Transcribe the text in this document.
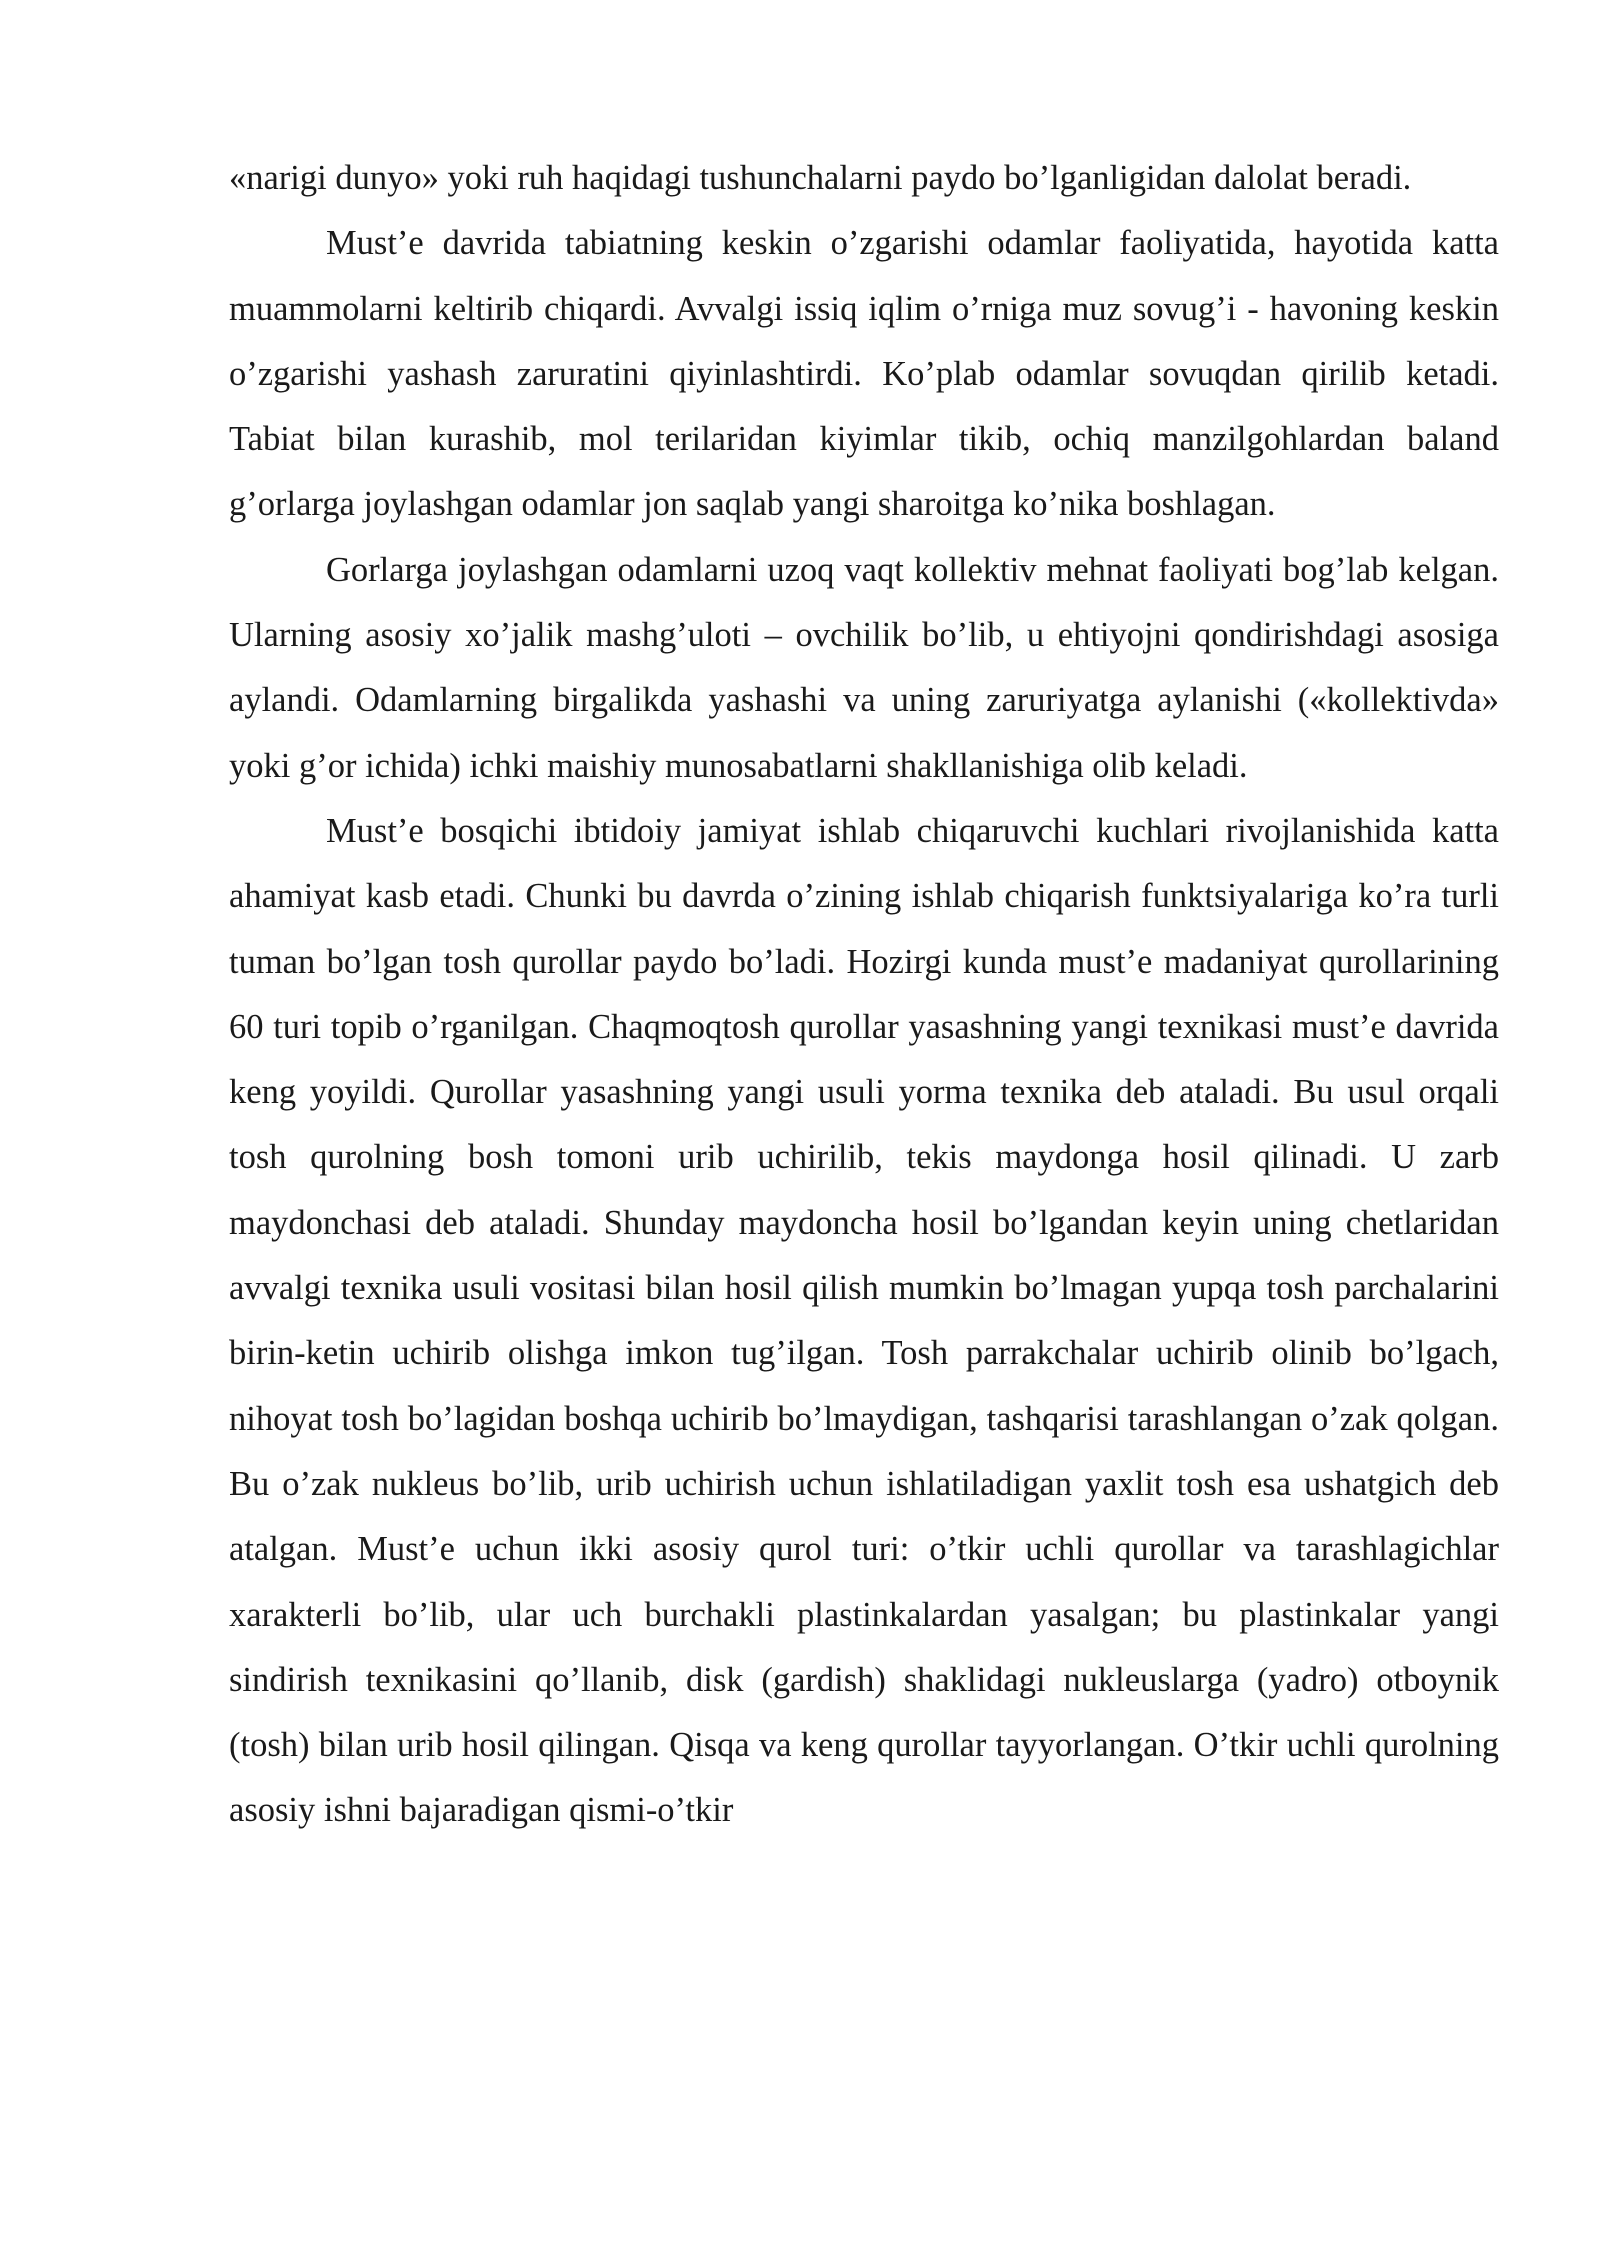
«narigi dunyo» yoki ruh haqidagi tushunchalarni paydo bo’lganligidan dalolat beradi.

Must’e davrida tabiatning keskin o’zgarishi odamlar faoliyatida, hayotida katta muammolarni keltirib chiqardi. Avvalgi issiq iqlim o’rniga muz sovug’i - havoning keskin o’zgarishi yashash zaruratini qiyinlashtirdi. Ko’plab odamlar sovuqdan qirilib ketadi. Tabiat bilan kurashib, mol terilaridan kiyimlar tikib, ochiq manzilgohlardan baland g’orlarga joylashgan odamlar jon saqlab yangi sharoitga ko’nika boshlagan.

Gorlarga joylashgan odamlarni uzoq vaqt kollektiv mehnat faoliyati bog’lab kelgan. Ularning asosiy xo’jalik mashg’uloti – ovchilik bo’lib, u ehtiyojni qondirishdagi asosiga aylandi. Odamlarning birgalikda yashashi va uning zaruriyatga aylanishi («kollektivda» yoki g’or ichida) ichki maishiy munosabatlarni shakllanishiga olib keladi.

Must’e bosqichi ibtidoiy jamiyat ishlab chiqaruvchi kuchlari rivojlanishida katta ahamiyat kasb etadi. Chunki bu davrda o’zining ishlab chiqarish funktsiyalariga ko’ra turli tuman bo’lgan tosh qurollar paydo bo’ladi. Hozirgi kunda must’e madaniyat qurollarining 60 turi topib o’rganilgan. Chaqmoqtosh qurollar yasashning yangi texnikasi must’e davrida keng yoyildi. Qurollar yasashning yangi usuli yorma texnika deb ataladi. Bu usul orqali tosh qurolning bosh tomoni urib uchirilib, tekis maydonga hosil qilinadi. U zarb maydonchasi deb ataladi. Shunday maydoncha hosil bo’lgandan keyin uning chetlaridan avvalgi texnika usuli vositasi bilan hosil qilish mumkin bo’lmagan yupqa tosh parchalarini birin-ketin uchirib olishga imkon tug’ilgan. Tosh parrakchalar uchirib olinib bo’lgach, nihoyat tosh bo’lagidan boshqa uchirib bo’lmaydigan, tashqarisi tarashlangan o’zak qolgan. Bu o’zak nukleus bo’lib, urib uchirish uchun ishlatiladigan yaxlit tosh esa ushatgich deb atalgan. Must’e uchun ikki asosiy qurol turi: o’tkir uchli qurollar va tarashlagichlar xarakterli bo’lib, ular uch burchakli plastinkalardan yasalgan; bu plastinkalar yangi sindirish texnikasini qo’llanib, disk (gardish) shaklidagi nukleuslarga (yadro) otboynik (tosh) bilan urib hosil qilingan. Qisqa va keng qurollar tayyorlangan. O’tkir uchli qurolning asosiy ishni bajaradigan qismi-o’tkir
